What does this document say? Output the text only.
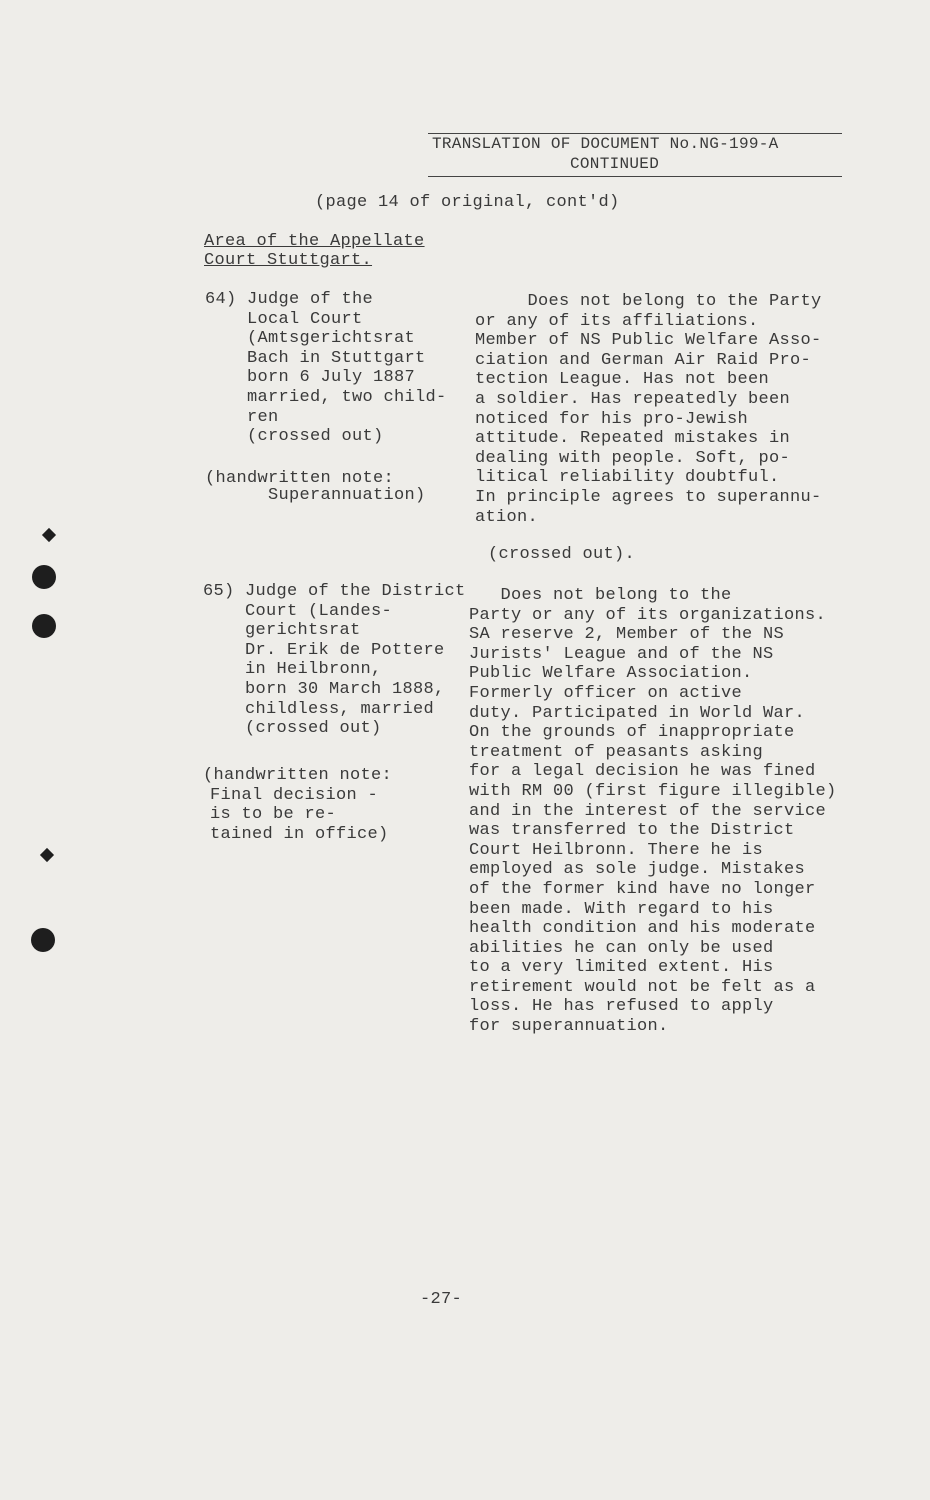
TRANSLATION OF DOCUMENT No.NG-199-A
CONTINUED
(page 14 of original, cont'd)
Area of the Appellate
Court Stuttgart.
64) Judge of the
Local Court
(Amtsgerichtsrat
Bach in Stuttgart
born 6 July 1887
married, two child-
ren
(crossed out)
(handwritten note:
Superannuation)
Does not belong to the Party
or any of its affiliations.
Member of NS Public Welfare Asso-
ciation and German Air Raid Pro-
tection League. Has not been
a soldier. Has repeatedly been
noticed for his pro-Jewish
attitude. Repeated mistakes in
dealing with people. Soft, po-
litical reliability doubtful.
In principle agrees to superannu-
ation.
(crossed out).
65) Judge of the District
Court (Landes-
gerichtsrat
Dr. Erik de Pottere
in Heilbronn,
born 30 March 1888,
childless, married
(crossed out)
(handwritten note:
Final decision -
is to be re-
tained in office)
Does not belong to the
Party or any of its organizations.
SA reserve 2, Member of the NS
Jurists' League and of the NS
Public Welfare Association.
Formerly officer on active
duty. Participated in World War.
On the grounds of inappropriate
treatment of peasants asking
for a legal decision he was fined
with RM 00 (first figure illegible)
and in the interest of the service
was transferred to the District
Court Heilbronn. There he is
employed as sole judge. Mistakes
of the former kind have no longer
been made. With regard to his
health condition and his moderate
abilities he can only be used
to a very limited extent. His
retirement would not be felt as a
loss. He has refused to apply
for superannuation.
-27-
